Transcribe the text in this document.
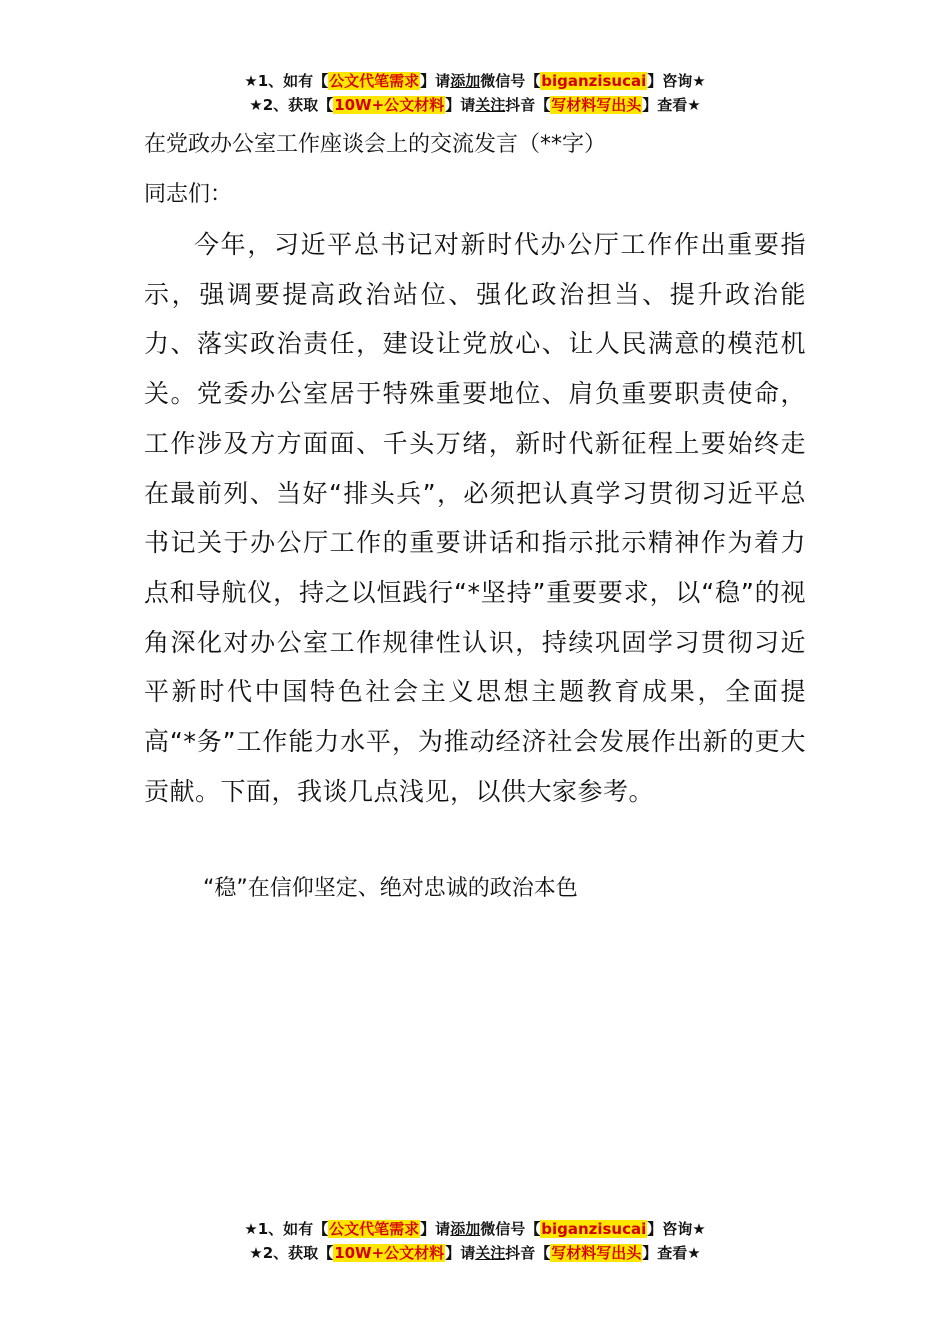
★1、如有【公文代笔需求】请添加微信号【biganzisucai】咨询★
★2、获取【10W+公文材料】请关注抖音【写材料写出头】查看★
在党政办公室工作座谈会上的交流发言（**字）
同志们：
今年，习近平总书记对新时代办公厅工作作出重要指示，强调要提高政治站位、强化政治担当、提升政治能力、落实政治责任，建设让党放心、让人民满意的模范机关。党委办公室居于特殊重要地位、肩负重要职责使命，工作涉及方方面面、千头万绪，新时代新征程上要始终走在最前列、当好“排头兵”，必须把认真学习贯彻习近平总书记关于办公厅工作的重要讲话和指示批示精神作为着力点和导航仪，持之以恒践行“*坚持”重要要求，以“稳”的视角深化对办公室工作规律性认识，持续巩固学习贯彻习近平新时代中国特色社会主义思想主题教育成果，全面提高“*务”工作能力水平，为推动经济社会发展作出新的更大贡献。下面，我谈几点浅见，以供大家参考。
“稳”在信仰坚定、绝对忠诚的政治本色
★1、如有【公文代笔需求】请添加微信号【biganzisucai】咨询★
★2、获取【10W+公文材料】请关注抖音【写材料写出头】查看★
